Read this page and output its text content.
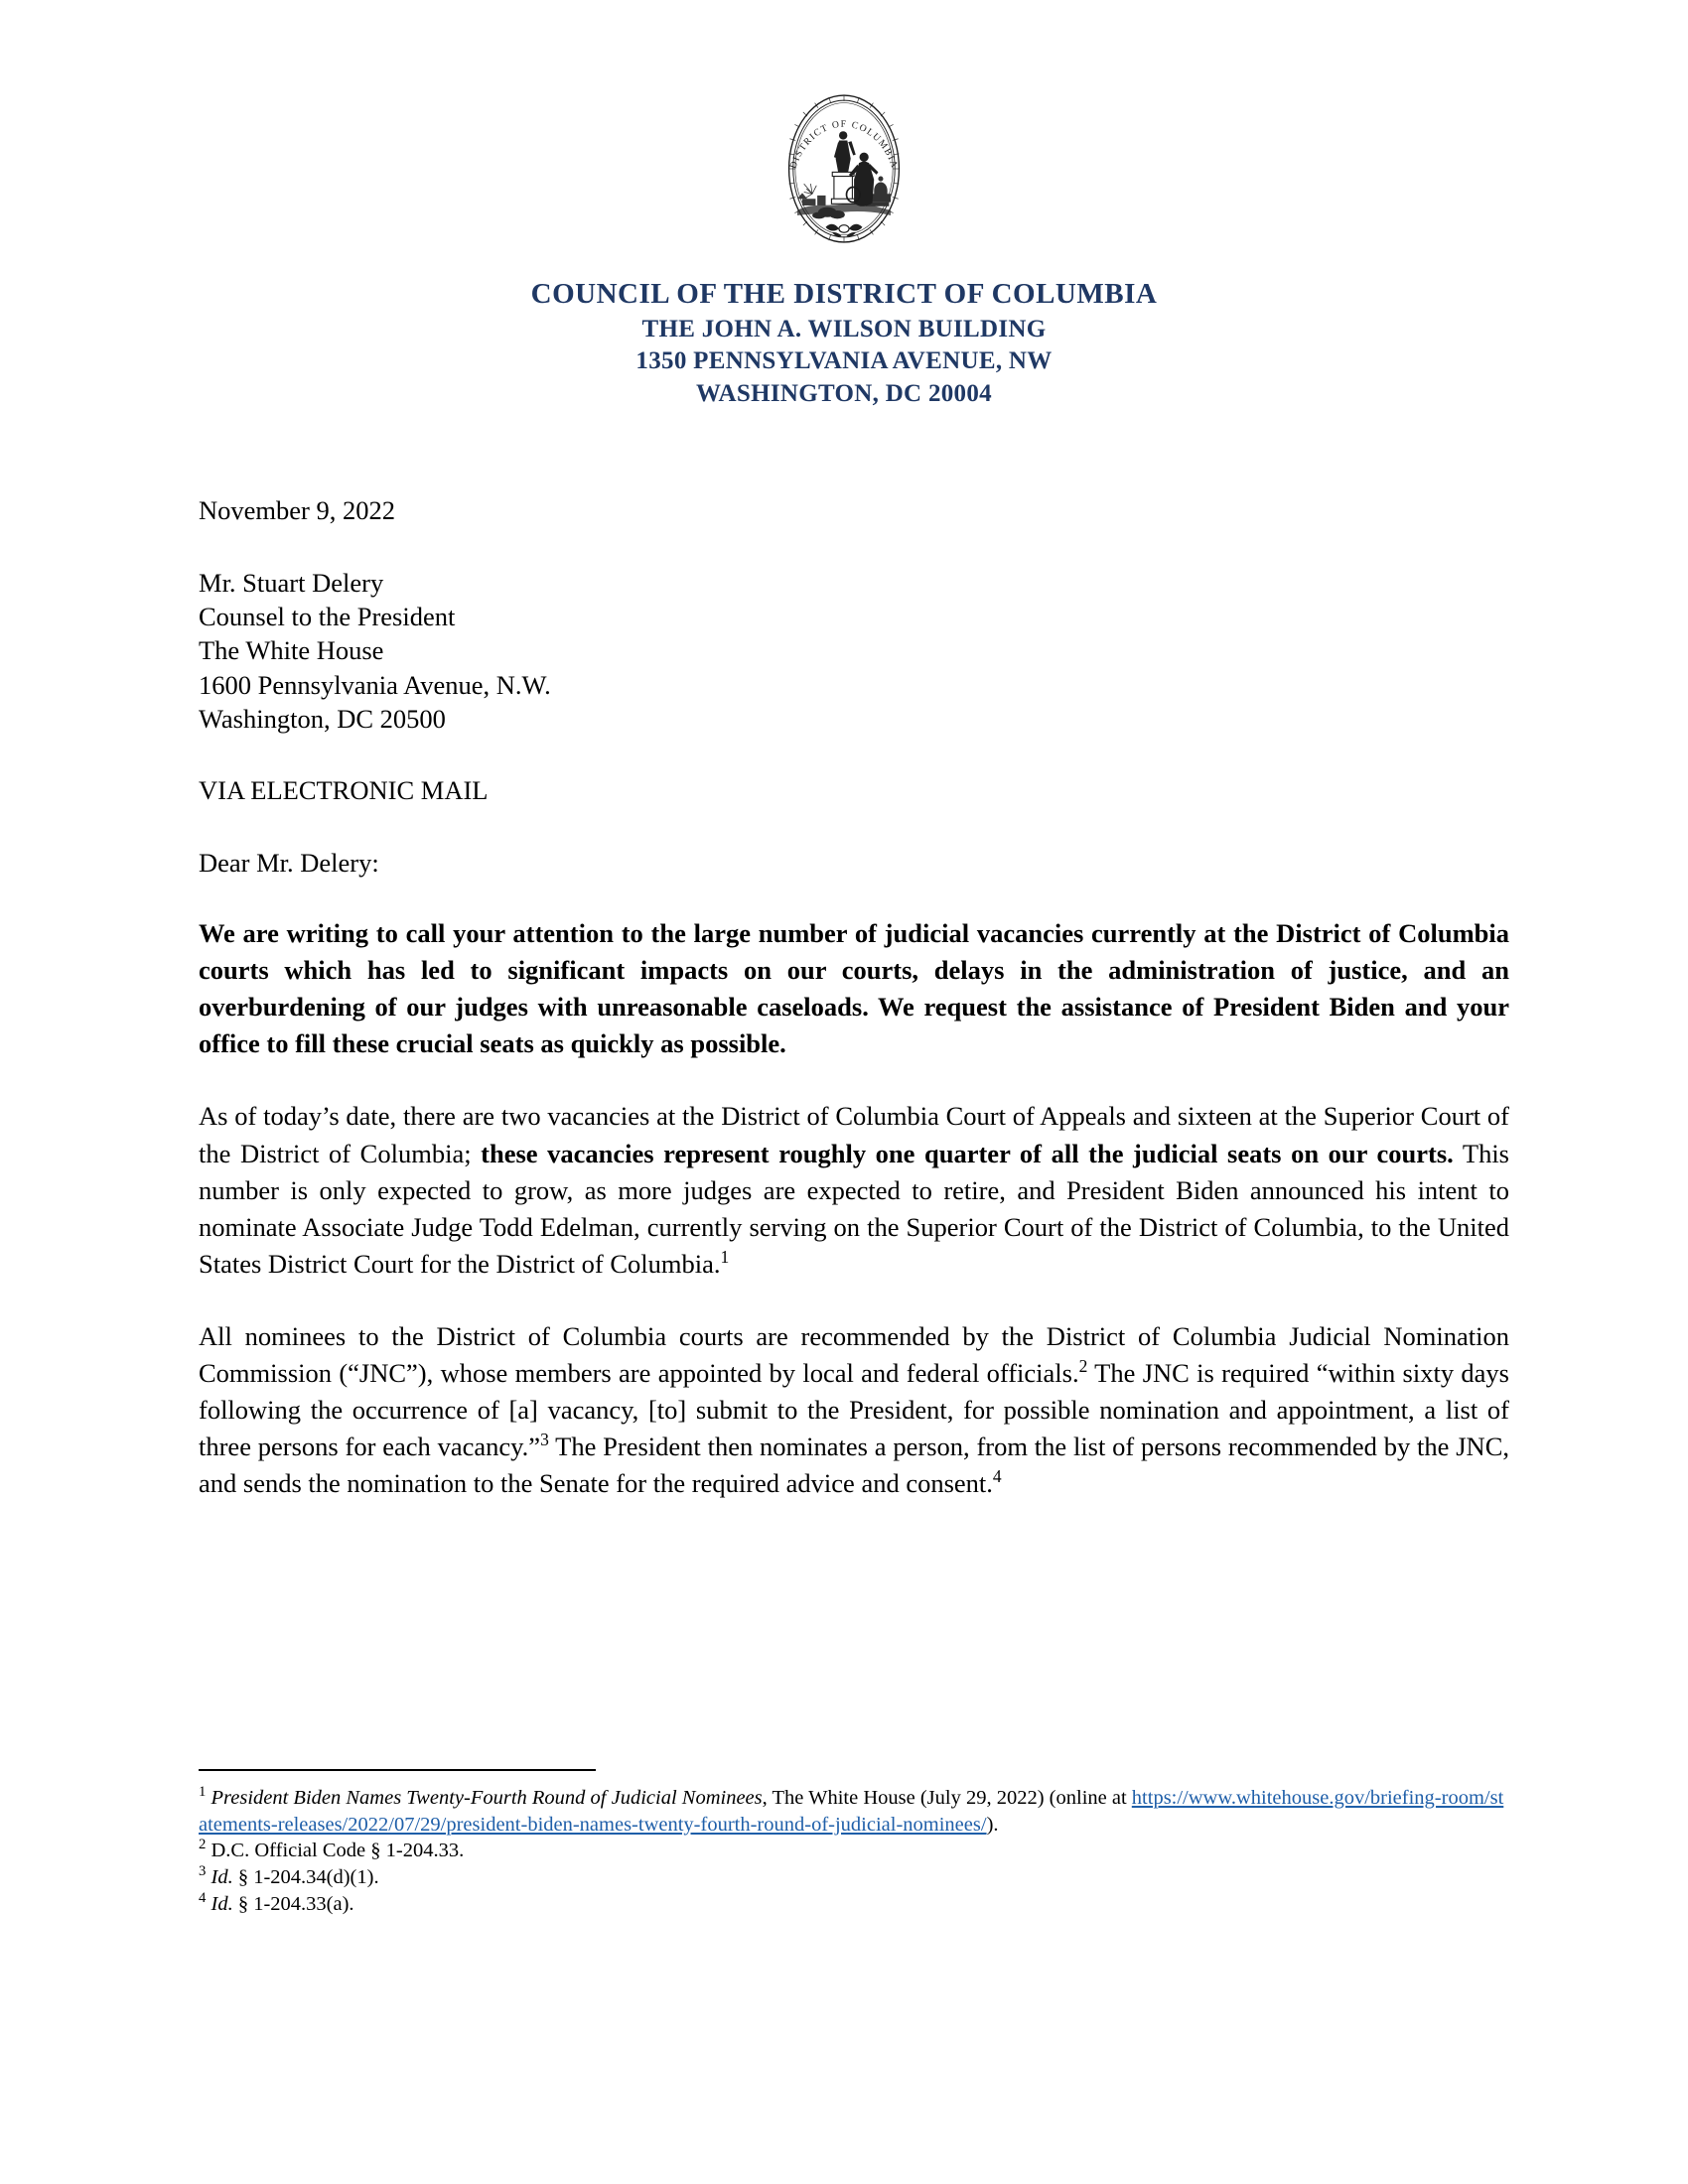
DISTRICT OF COLUMBIA
COUNCIL OF THE DISTRICT OF COLUMBIA
THE JOHN A. WILSON BUILDING
1350 PENNSYLVANIA AVENUE, NW
WASHINGTON, DC 20004
November 9, 2022
Mr. Stuart Delery
Counsel to the President
The White House
1600 Pennsylvania Avenue, N.W.
Washington, DC 20500
VIA ELECTRONIC MAIL
Dear Mr. Delery:

We are writing to call your attention to the large number of judicial vacancies currently at the District of Columbia courts which has led to significant impacts on our courts, delays in the administration of justice, and an overburdening of our judges with unreasonable caseloads. We request the assistance of President Biden and your office to fill these crucial seats as quickly as possible.

As of today’s date, there are two vacancies at the District of Columbia Court of Appeals and sixteen at the Superior Court of the District of Columbia; these vacancies represent roughly one quarter of all the judicial seats on our courts. This number is only expected to grow, as more judges are expected to retire, and President Biden announced his intent to nominate Associate Judge Todd Edelman, currently serving on the Superior Court of the District of Columbia, to the United States District Court for the District of Columbia.$^1$

All nominees to the District of Columbia courts are recommended by the District of Columbia Judicial Nomination Commission (“JNC”), whose members are appointed by local and federal officials.$^2$ The JNC is required “within sixty days following the occurrence of [a] vacancy, [to] submit to the President, for possible nomination and appointment, a list of three persons for each vacancy.”$^3$ The President then nominates a person, from the list of persons recommended by the JNC, and sends the nomination to the Senate for the required advice and consent.$^4$

$^1$ President Biden Names Twenty-Fourth Round of Judicial Nominees, The White House (July 29, 2022) (online at https://www.whitehouse.gov/briefing-room/statements-releases/2022/07/29/president-biden-names-twenty-fourth-round-of-judicial-nominees/).

$^2$ D.C. Official Code § 1-204.33.

$^3$ Id. § 1-204.34(d)(1).

$^4$ Id. § 1-204.33(a).
